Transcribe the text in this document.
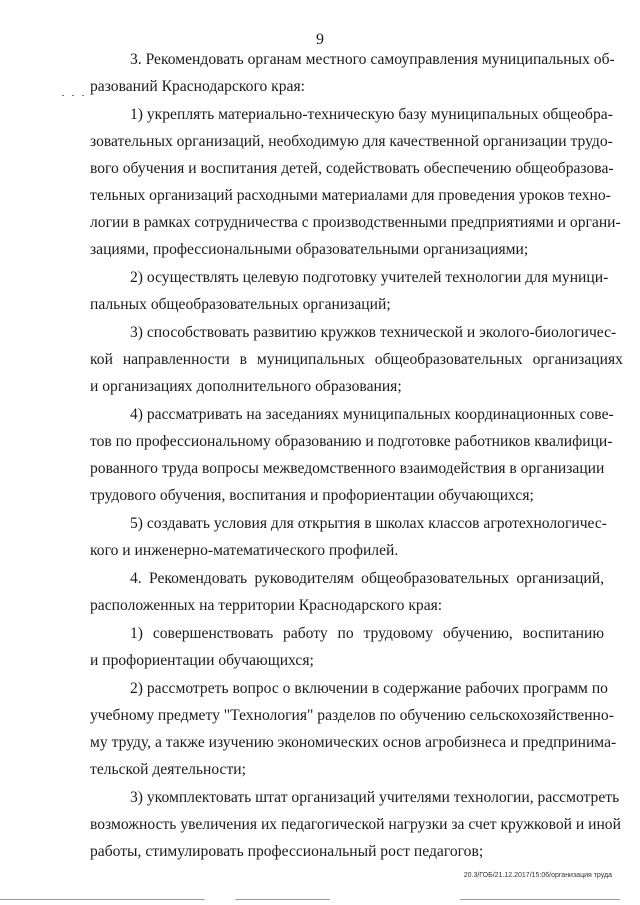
9
3. Рекомендовать органам местного самоуправления муниципальных об-
разований Краснодарского края:
1) укреплять материально-техническую базу муниципальных общеобра-
зовательных организаций, необходимую для качественной организации трудо-
вого обучения и воспитания детей, содействовать обеспечению общеобразова-
тельных организаций расходными материалами для проведения уроков техно-
логии в рамках сотрудничества с производственными предприятиями и органи-
зациями, профессиональными образовательными организациями;
2) осуществлять целевую подготовку учителей технологии для муници-
пальных общеобразовательных организаций;
3) способствовать развитию кружков технической и эколого-биологичес-
кой направленности в муниципальных общеобразовательных организациях
и организациях дополнительного образования;
4) рассматривать на заседаниях муниципальных координационных сове-
тов по профессиональному образованию и подготовке работников квалифици-
рованного труда вопросы межведомственного взаимодействия в организации
трудового обучения, воспитания и профориентации обучающихся;
5) создавать условия для открытия в школах классов агротехнологичес-
кого и инженерно-математического профилей.
4. Рекомендовать руководителям общеобразовательных организаций,
расположенных на территории Краснодарского края:
1) совершенствовать работу по трудовому обучению, воспитанию
и профориентации обучающихся;
2) рассмотреть вопрос о включении в содержание рабочих программ по
учебному предмету "Технология" разделов по обучению сельскохозяйственно-
му труду, а также изучению экономических основ агробизнеса и предпринима-
тельской деятельности;
3) укомплектовать штат организаций учителями технологии, рассмотреть
возможность увеличения их педагогической нагрузки за счет кружковой и иной
работы, стимулировать профессиональный рост педагогов;
20.3/ГОБ/21.12.2017/15:06/организация труда
